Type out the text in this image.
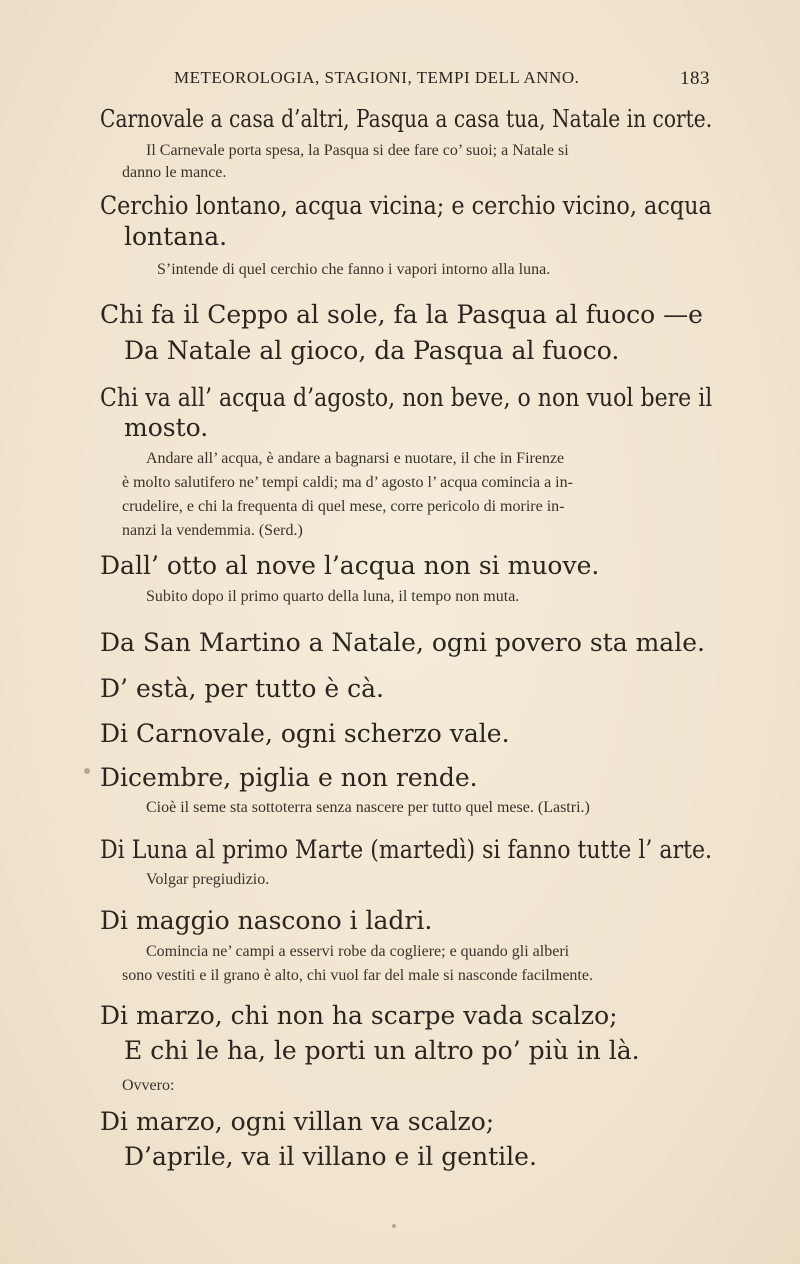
METEOROLOGIA, STAGIONI, TEMPI DELL ANNO.	183

Carnovale a casa d’altri, Pasqua a casa tua, Natale in corte.

Il Carnevale porta spesa, la Pasqua si dee fare co’ suoi; a Natale si

danno le mance.

Cerchio lontano, acqua vicina; e cerchio vicino, acqua

lontana.

S’intende di quel cerchio che fanno i vapori intorno alla luna.

Chi fa il Ceppo al sole, fa la Pasqua al fuoco —e

Da Natale al gioco, da Pasqua al fuoco.

Chi va all’ acqua d’agosto, non beve, o non vuol bere il

mosto.

Andare all’ acqua, è andare a bagnarsi e nuotare, il che in Firenze

è molto salutifero ne’ tempi caldi; ma d’ agosto l’ acqua comincia a in-

crudelire, e chi la frequenta di quel mese, corre pericolo di morire in-

nanzi la vendemmia. (Serd.)

Dall’ otto al nove l’acqua non si muove.

Subito dopo il primo quarto della luna, il tempo non muta.

Da San Martino a Natale, ogni povero sta male.

D’ està, per tutto è cà.

Di Carnovale, ogni scherzo vale.

Dicembre, piglia e non rende.

Cioè il seme sta sottoterra senza nascere per tutto quel mese. (Lastri.)

Di Luna al primo Marte (martedì) si fanno tutte l’ arte.

Volgar pregiudizio.

Di maggio nascono i ladri.

Comincia ne’ campi a esservi robe da cogliere; e quando gli alberi

sono vestiti e il grano è alto, chi vuol far del male si nasconde facilmente.

Di marzo, chi non ha scarpe vada scalzo;

E chi le ha, le porti un altro po’ più in là.

Ovvero:

Di marzo, ogni villan va scalzo;

D’aprile, va il villano e il gentile.
